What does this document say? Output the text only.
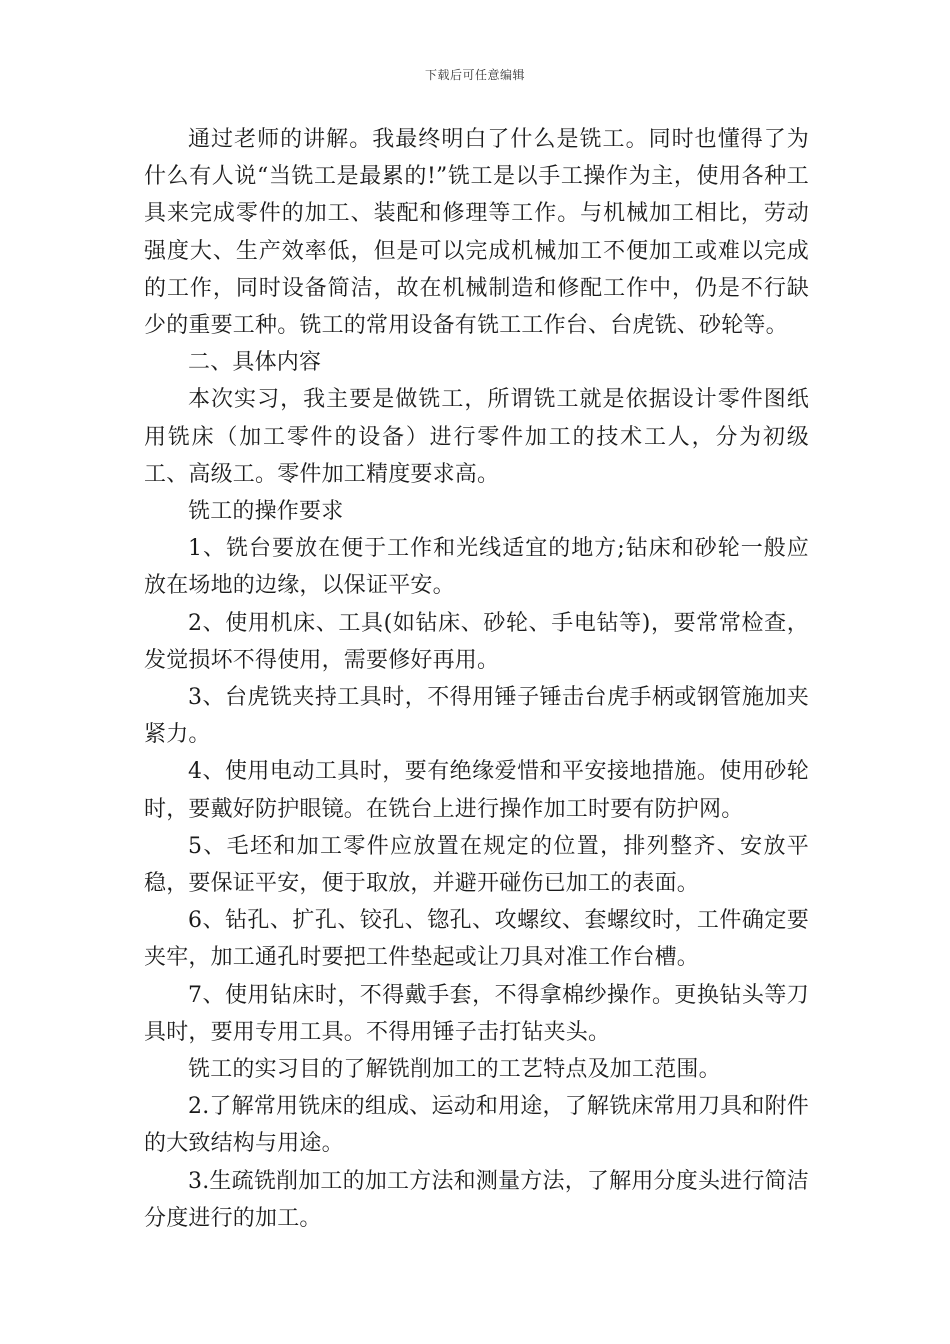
下载后可任意编辑

通过老师的讲解。我最终明白了什么是铣工。同时也懂得了为什么有人说“当铣工是最累的!”铣工是以手工操作为主，使用各种工具来完成零件的加工、装配和修理等工作。与机械加工相比，劳动强度大、生产效率低，但是可以完成机械加工不便加工或难以完成的工作，同时设备简洁，故在机械制造和修配工作中，仍是不行缺少的重要工种。铣工的常用设备有铣工工作台、台虎铣、砂轮等。

二、具体内容

本次实习，我主要是做铣工，所谓铣工就是依据设计零件图纸用铣床（加工零件的设备）进行零件加工的技术工人，分为初级工、高级工。零件加工精度要求高。

铣工的操作要求

1、铣台要放在便于工作和光线适宜的地方;钻床和砂轮一般应放在场地的边缘，以保证平安。

2、使用机床、工具(如钻床、砂轮、手电钻等)，要常常检查，发觉损坏不得使用，需要修好再用。

3、台虎铣夹持工具时，不得用锤子锤击台虎手柄或钢管施加夹紧力。

4、使用电动工具时，要有绝缘爱惜和平安接地措施。使用砂轮时，要戴好防护眼镜。在铣台上进行操作加工时要有防护网。

5、毛坯和加工零件应放置在规定的位置，排列整齐、安放平稳，要保证平安，便于取放，并避开碰伤已加工的表面。

6、钻孔、扩孔、铰孔、锪孔、攻螺纹、套螺纹时，工件确定要夹牢，加工通孔时要把工件垫起或让刀具对准工作台槽。

7、使用钻床时，不得戴手套，不得拿棉纱操作。更换钻头等刀具时，要用专用工具。不得用锤子击打钻夹头。

铣工的实习目的了解铣削加工的工艺特点及加工范围。

2.了解常用铣床的组成、运动和用途，了解铣床常用刀具和附件的大致结构与用途。

3.生疏铣削加工的加工方法和测量方法，了解用分度头进行简洁分度进行的加工。
